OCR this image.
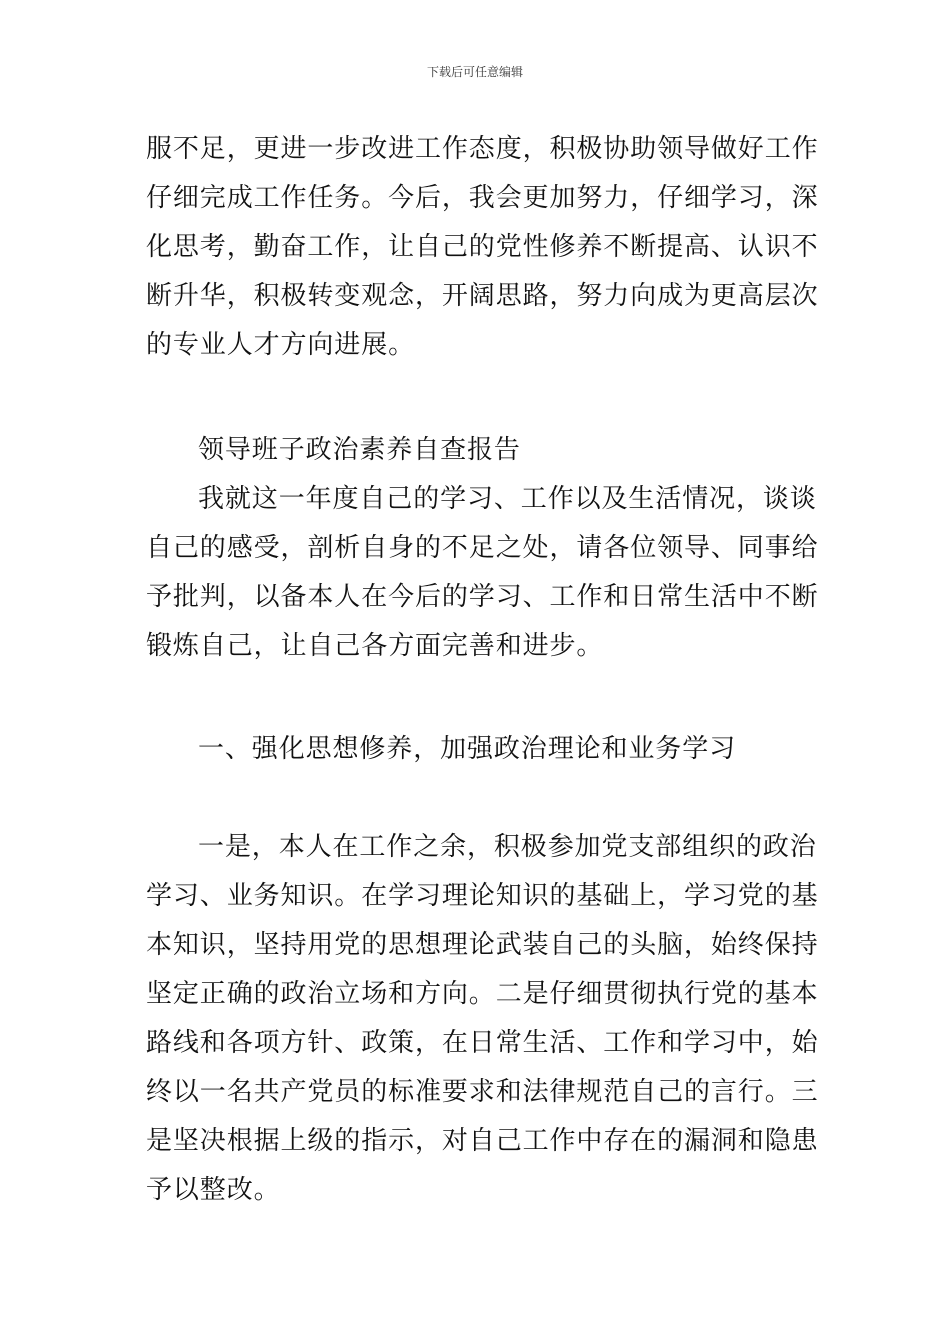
下载后可任意编辑
服不足，更进一步改进工作态度，积极协助领导做好工作
仔细完成工作任务。今后，我会更加努力，仔细学习，深
化思考，勤奋工作，让自己的党性修养不断提高、认识不
断升华，积极转变观念，开阔思路，努力向成为更高层次
的专业人才方向进展。
领导班子政治素养自查报告
我就这一年度自己的学习、工作以及生活情况，谈谈
自己的感受，剖析自身的不足之处，请各位领导、同事给
予批判，以备本人在今后的学习、工作和日常生活中不断
锻炼自己，让自己各方面完善和进步。
一、强化思想修养，加强政治理论和业务学习
一是，本人在工作之余，积极参加党支部组织的政治
学习、业务知识。在学习理论知识的基础上，学习党的基
本知识，坚持用党的思想理论武装自己的头脑，始终保持
坚定正确的政治立场和方向。二是仔细贯彻执行党的基本
路线和各项方针、政策，在日常生活、工作和学习中，始
终以一名共产党员的标准要求和法律规范自己的言行。三
是坚决根据上级的指示，对自己工作中存在的漏洞和隐患
予以整改。
